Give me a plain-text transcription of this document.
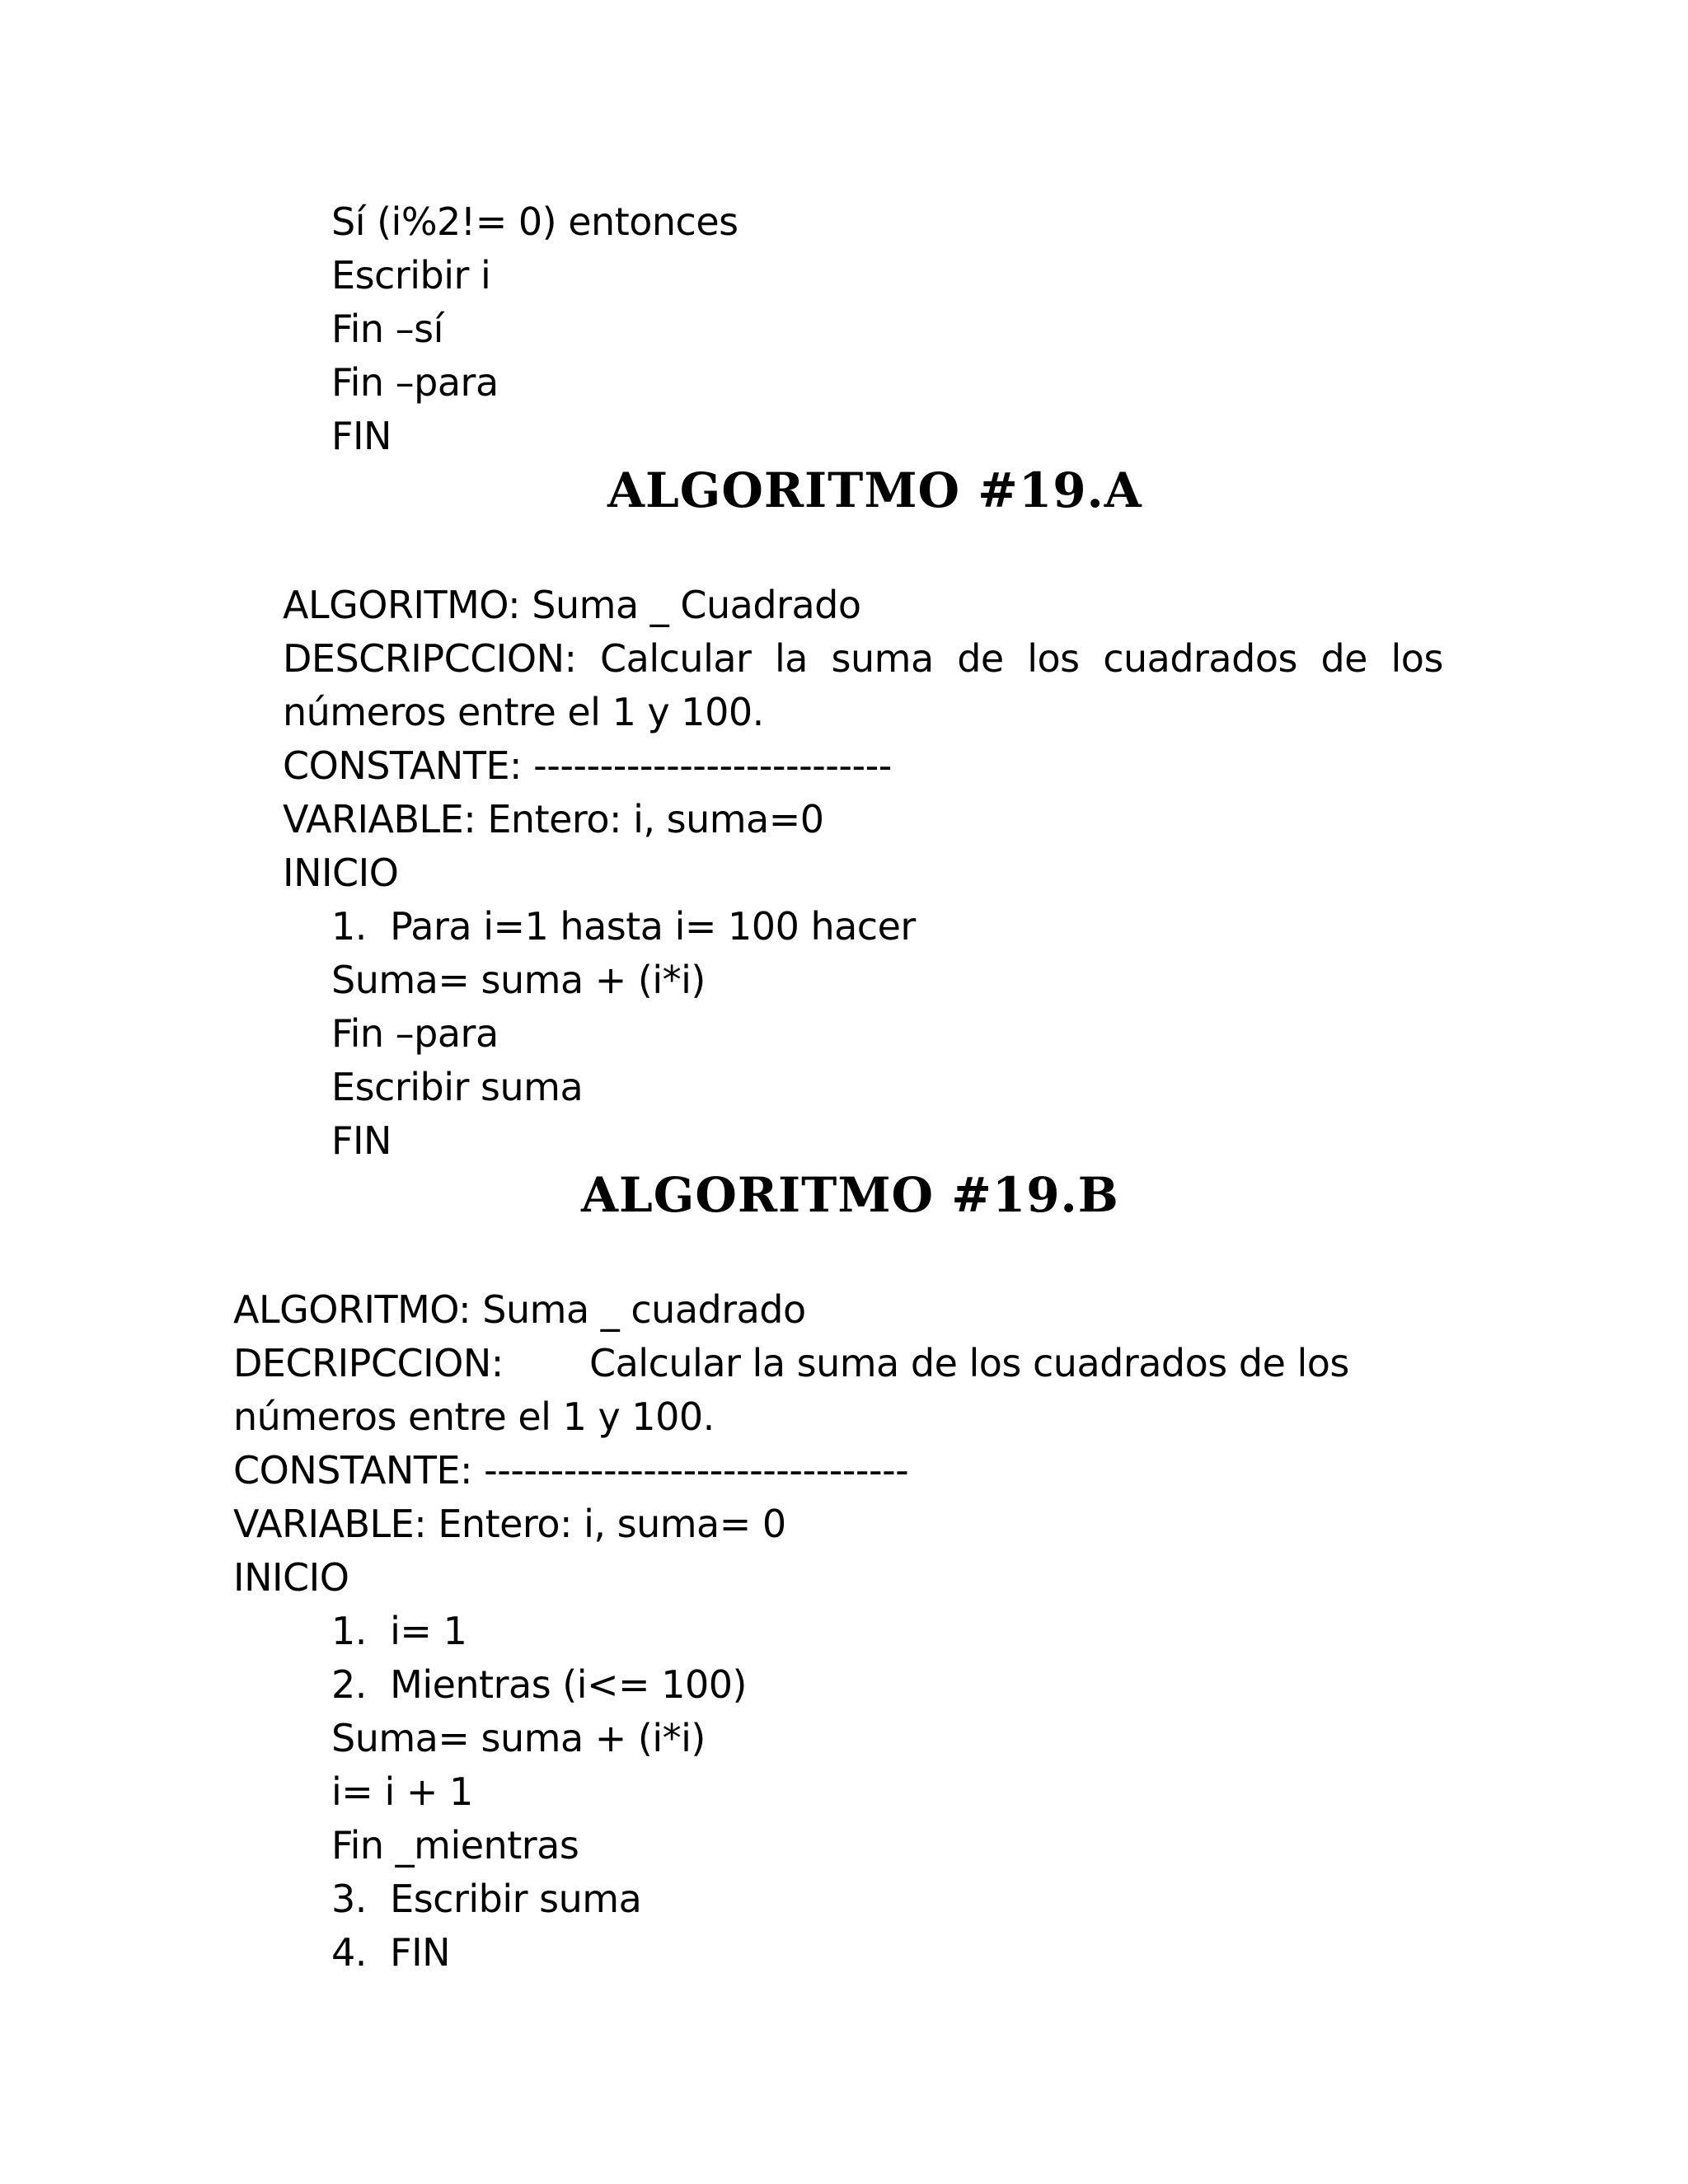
Sí (i%2!= 0) entonces
Escribir i
Fin –sí
Fin –para
FIN
ALGORITMO #19.A
ALGORITMO: Suma _ Cuadrado
DESCRIPCCION: Calcular la suma de los cuadrados de los
números entre el 1 y 100.
CONSTANTE: ---------------------------
VARIABLE: Entero: i, suma=0
INICIO
1.  Para i=1 hasta i= 100 hacer
Suma= suma + (i*i)
Fin –para
Escribir suma
FIN
ALGORITMO #19.B
ALGORITMO: Suma _ cuadrado
DECRIPCCION: Calcular la suma de los cuadrados de los
números entre el 1 y 100.
CONSTANTE: --------------------------------
VARIABLE: Entero: i, suma= 0
INICIO
1.  i= 1
2.  Mientras (i<= 100)
Suma= suma + (i*i)
i= i + 1
Fin _mientras
3.  Escribir suma
4.  FIN
